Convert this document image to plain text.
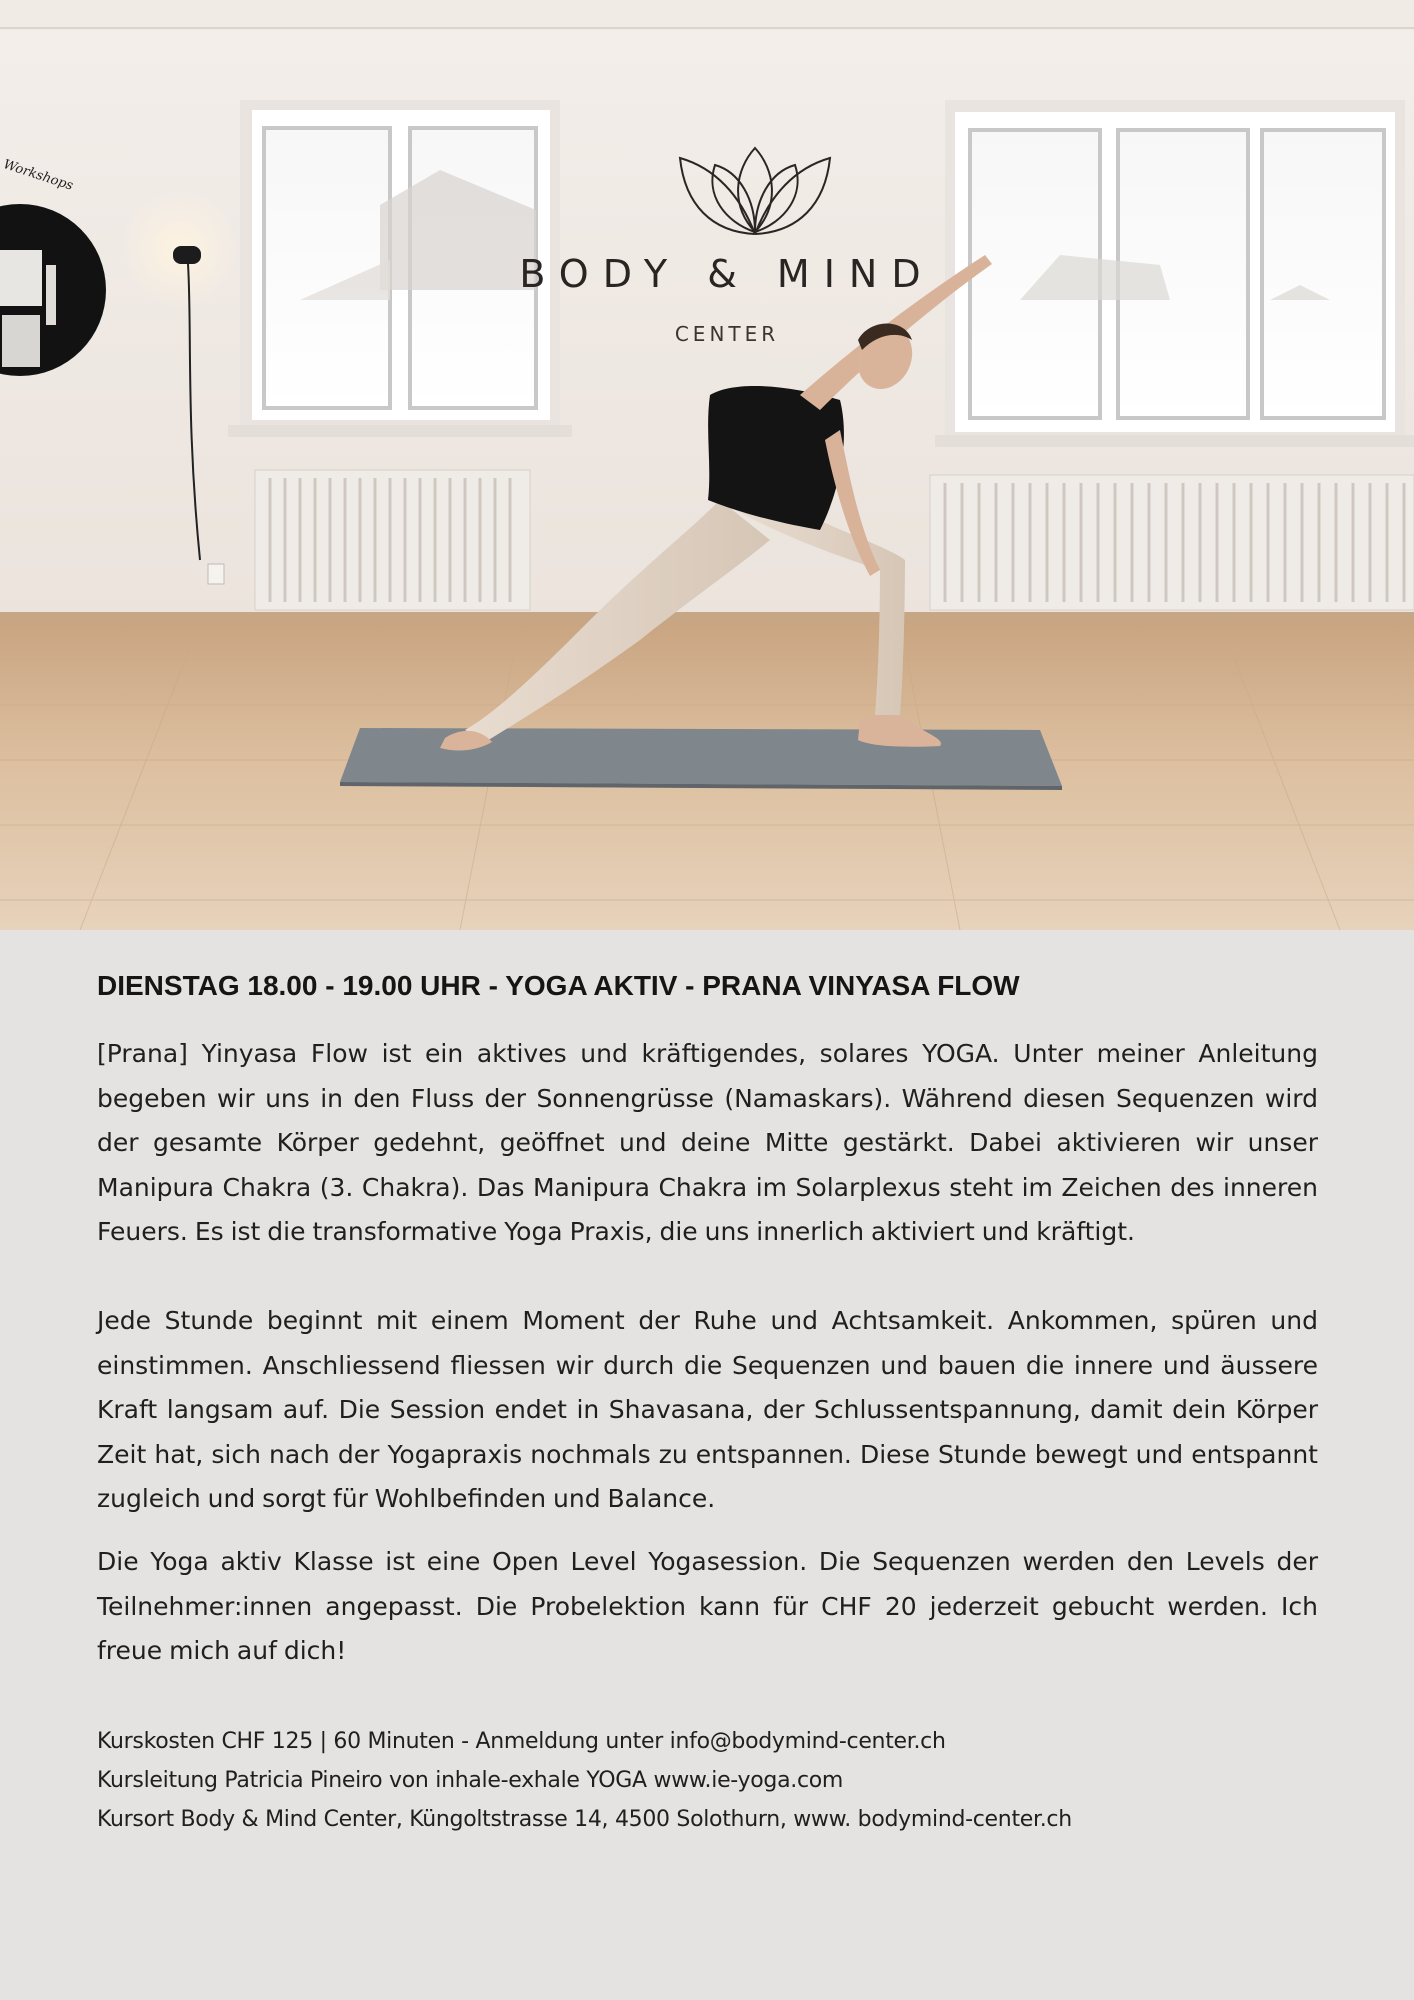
BODY & MIND
CENTER
Workshops
DIENSTAG 18.00 - 19.00 UHR - YOGA AKTIV - PRANA VINYASA FLOW

[Prana] Yinyasa Flow ist ein aktives und kräftigendes, solares YOGA. Unter meiner Anleitung begeben wir uns in den Fluss der Sonnengrüsse (Namaskars). Während diesen Sequenzen wird der gesamte Körper gedehnt, geöffnet und deine Mitte gestärkt. Dabei aktivieren wir unser Manipura Chakra (3. Chakra). Das Manipura Chakra im Solarplexus steht im Zeichen des inneren Feuers. Es ist die transformative Yoga Praxis, die uns innerlich aktiviert und kräftigt.

Jede Stunde beginnt mit einem Moment der Ruhe und Achtsamkeit. Ankommen, spüren und einstimmen. Anschliessend fliessen wir durch die Sequenzen und bauen die innere und äussere Kraft langsam auf. Die Session endet in Shavasana, der Schlussentspannung, damit dein Körper Zeit hat, sich nach der Yogapraxis nochmals zu entspannen. Diese Stunde bewegt und entspannt zugleich und sorgt für Wohlbefinden und Balance.

Die Yoga aktiv Klasse ist eine Open Level Yogasession. Die Sequenzen werden den Levels der Teilnehmer:innen angepasst. Die Probelektion kann für CHF 20 jederzeit gebucht werden. Ich freue mich auf dich!

Kurskosten CHF 125 | 60 Minuten - Anmeldung unter info@bodymind-center.ch
Kursleitung Patricia Pineiro von inhale-exhale YOGA www.ie-yoga.com
Kursort Body & Mind Center, Küngoltstrasse 14, 4500 Solothurn, www. bodymind-center.ch
